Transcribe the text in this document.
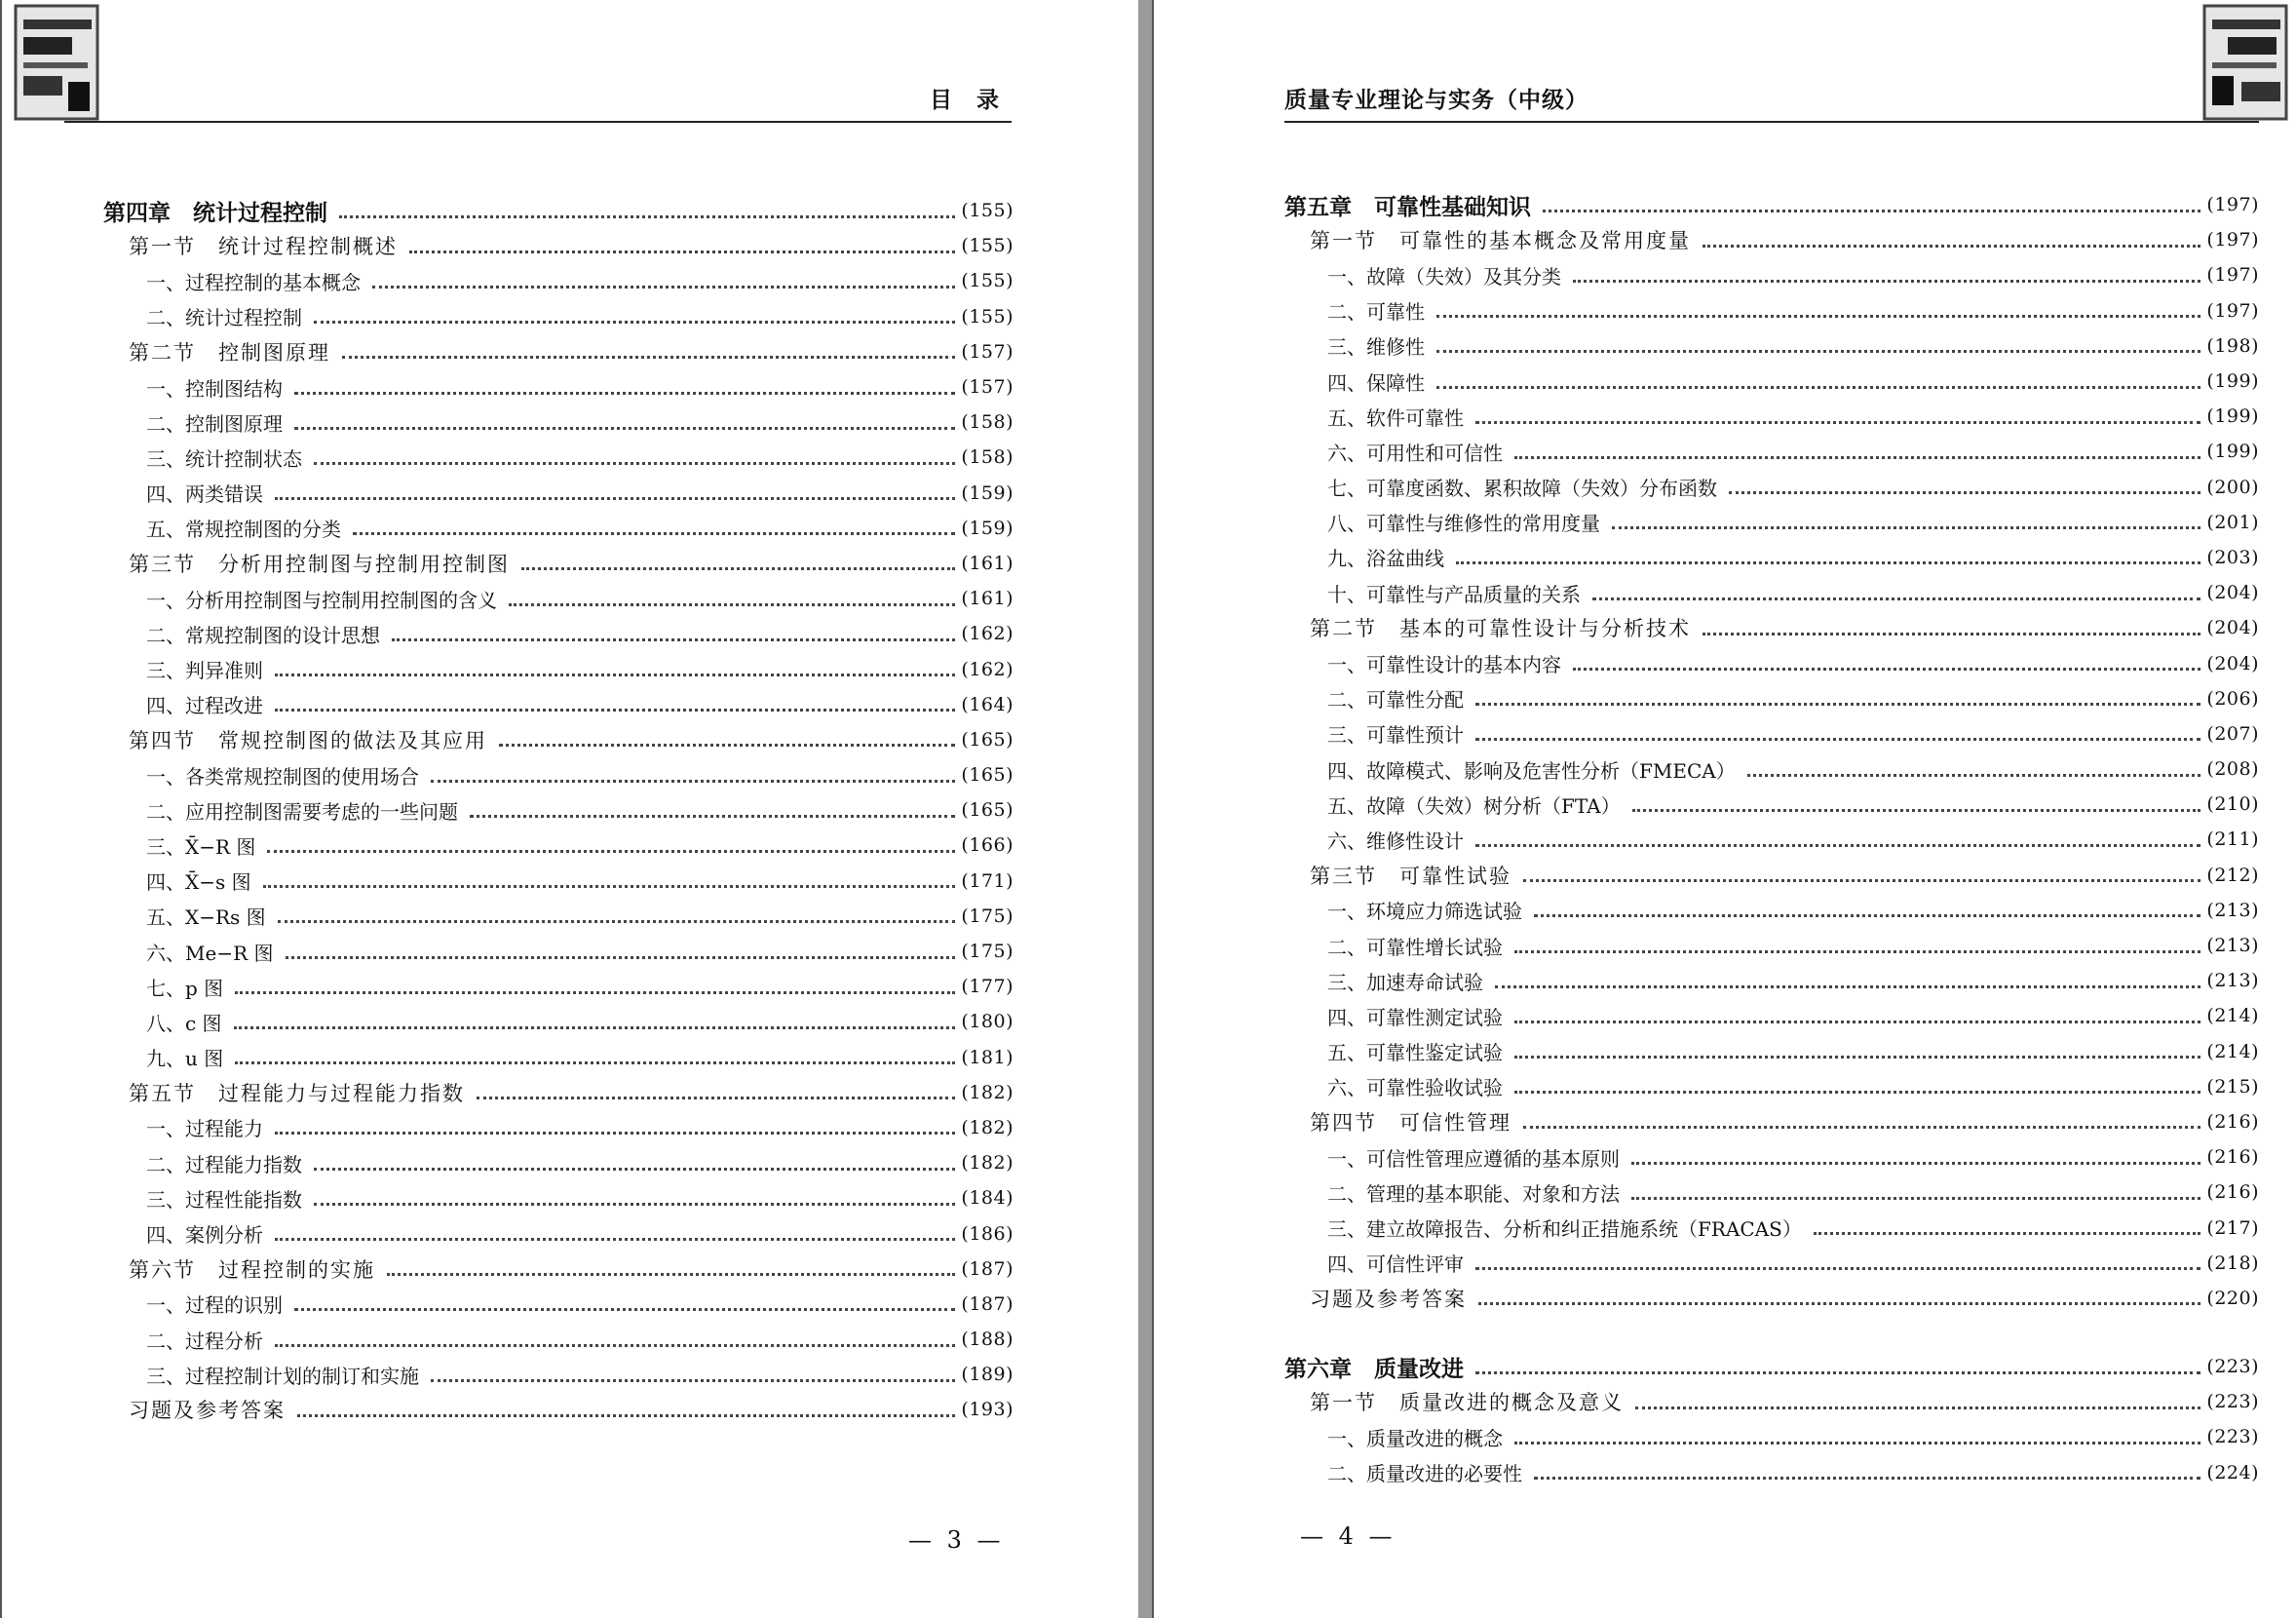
目　录
第四章　统计过程控制	(155)
第一节　统计过程控制概述	(155)
一、过程控制的基本概念	(155)
二、统计过程控制	(155)
第二节　控制图原理	(157)
一、控制图结构	(157)
二、控制图原理	(158)
三、统计控制状态	(158)
四、两类错误	(159)
五、常规控制图的分类	(159)
第三节　分析用控制图与控制用控制图	(161)
一、分析用控制图与控制用控制图的含义	(161)
二、常规控制图的设计思想	(162)
三、判异准则	(162)
四、过程改进	(164)
第四节　常规控制图的做法及其应用	(165)
一、各类常规控制图的使用场合	(165)
二、应用控制图需要考虑的一些问题	(165)
三、X̄−R 图	(166)
四、X̄−s 图	(171)
五、X−Rs 图	(175)
六、Me−R 图	(175)
七、p 图	(177)
八、c 图	(180)
九、u 图	(181)
第五节　过程能力与过程能力指数	(182)
一、过程能力	(182)
二、过程能力指数	(182)
三、过程性能指数	(184)
四、案例分析	(186)
第六节　过程控制的实施	(187)
一、过程的识别	(187)
二、过程分析	(188)
三、过程控制计划的制订和实施	(189)
习题及参考答案	(193)
— 3 —
质量专业理论与实务（中级）
第五章　可靠性基础知识	(197)
第一节　可靠性的基本概念及常用度量	(197)
一、故障（失效）及其分类	(197)
二、可靠性	(197)
三、维修性	(198)
四、保障性	(199)
五、软件可靠性	(199)
六、可用性和可信性	(199)
七、可靠度函数、累积故障（失效）分布函数	(200)
八、可靠性与维修性的常用度量	(201)
九、浴盆曲线	(203)
十、可靠性与产品质量的关系	(204)
第二节　基本的可靠性设计与分析技术	(204)
一、可靠性设计的基本内容	(204)
二、可靠性分配	(206)
三、可靠性预计	(207)
四、故障模式、影响及危害性分析（FMECA）	(208)
五、故障（失效）树分析（FTA）	(210)
六、维修性设计	(211)
第三节　可靠性试验	(212)
一、环境应力筛选试验	(213)
二、可靠性增长试验	(213)
三、加速寿命试验	(213)
四、可靠性测定试验	(214)
五、可靠性鉴定试验	(214)
六、可靠性验收试验	(215)
第四节　可信性管理	(216)
一、可信性管理应遵循的基本原则	(216)
二、管理的基本职能、对象和方法	(216)
三、建立故障报告、分析和纠正措施系统（FRACAS）	(217)
四、可信性评审	(218)
习题及参考答案	(220)
第六章　质量改进	(223)
第一节　质量改进的概念及意义	(223)
一、质量改进的概念	(223)
二、质量改进的必要性	(224)
— 4 —
